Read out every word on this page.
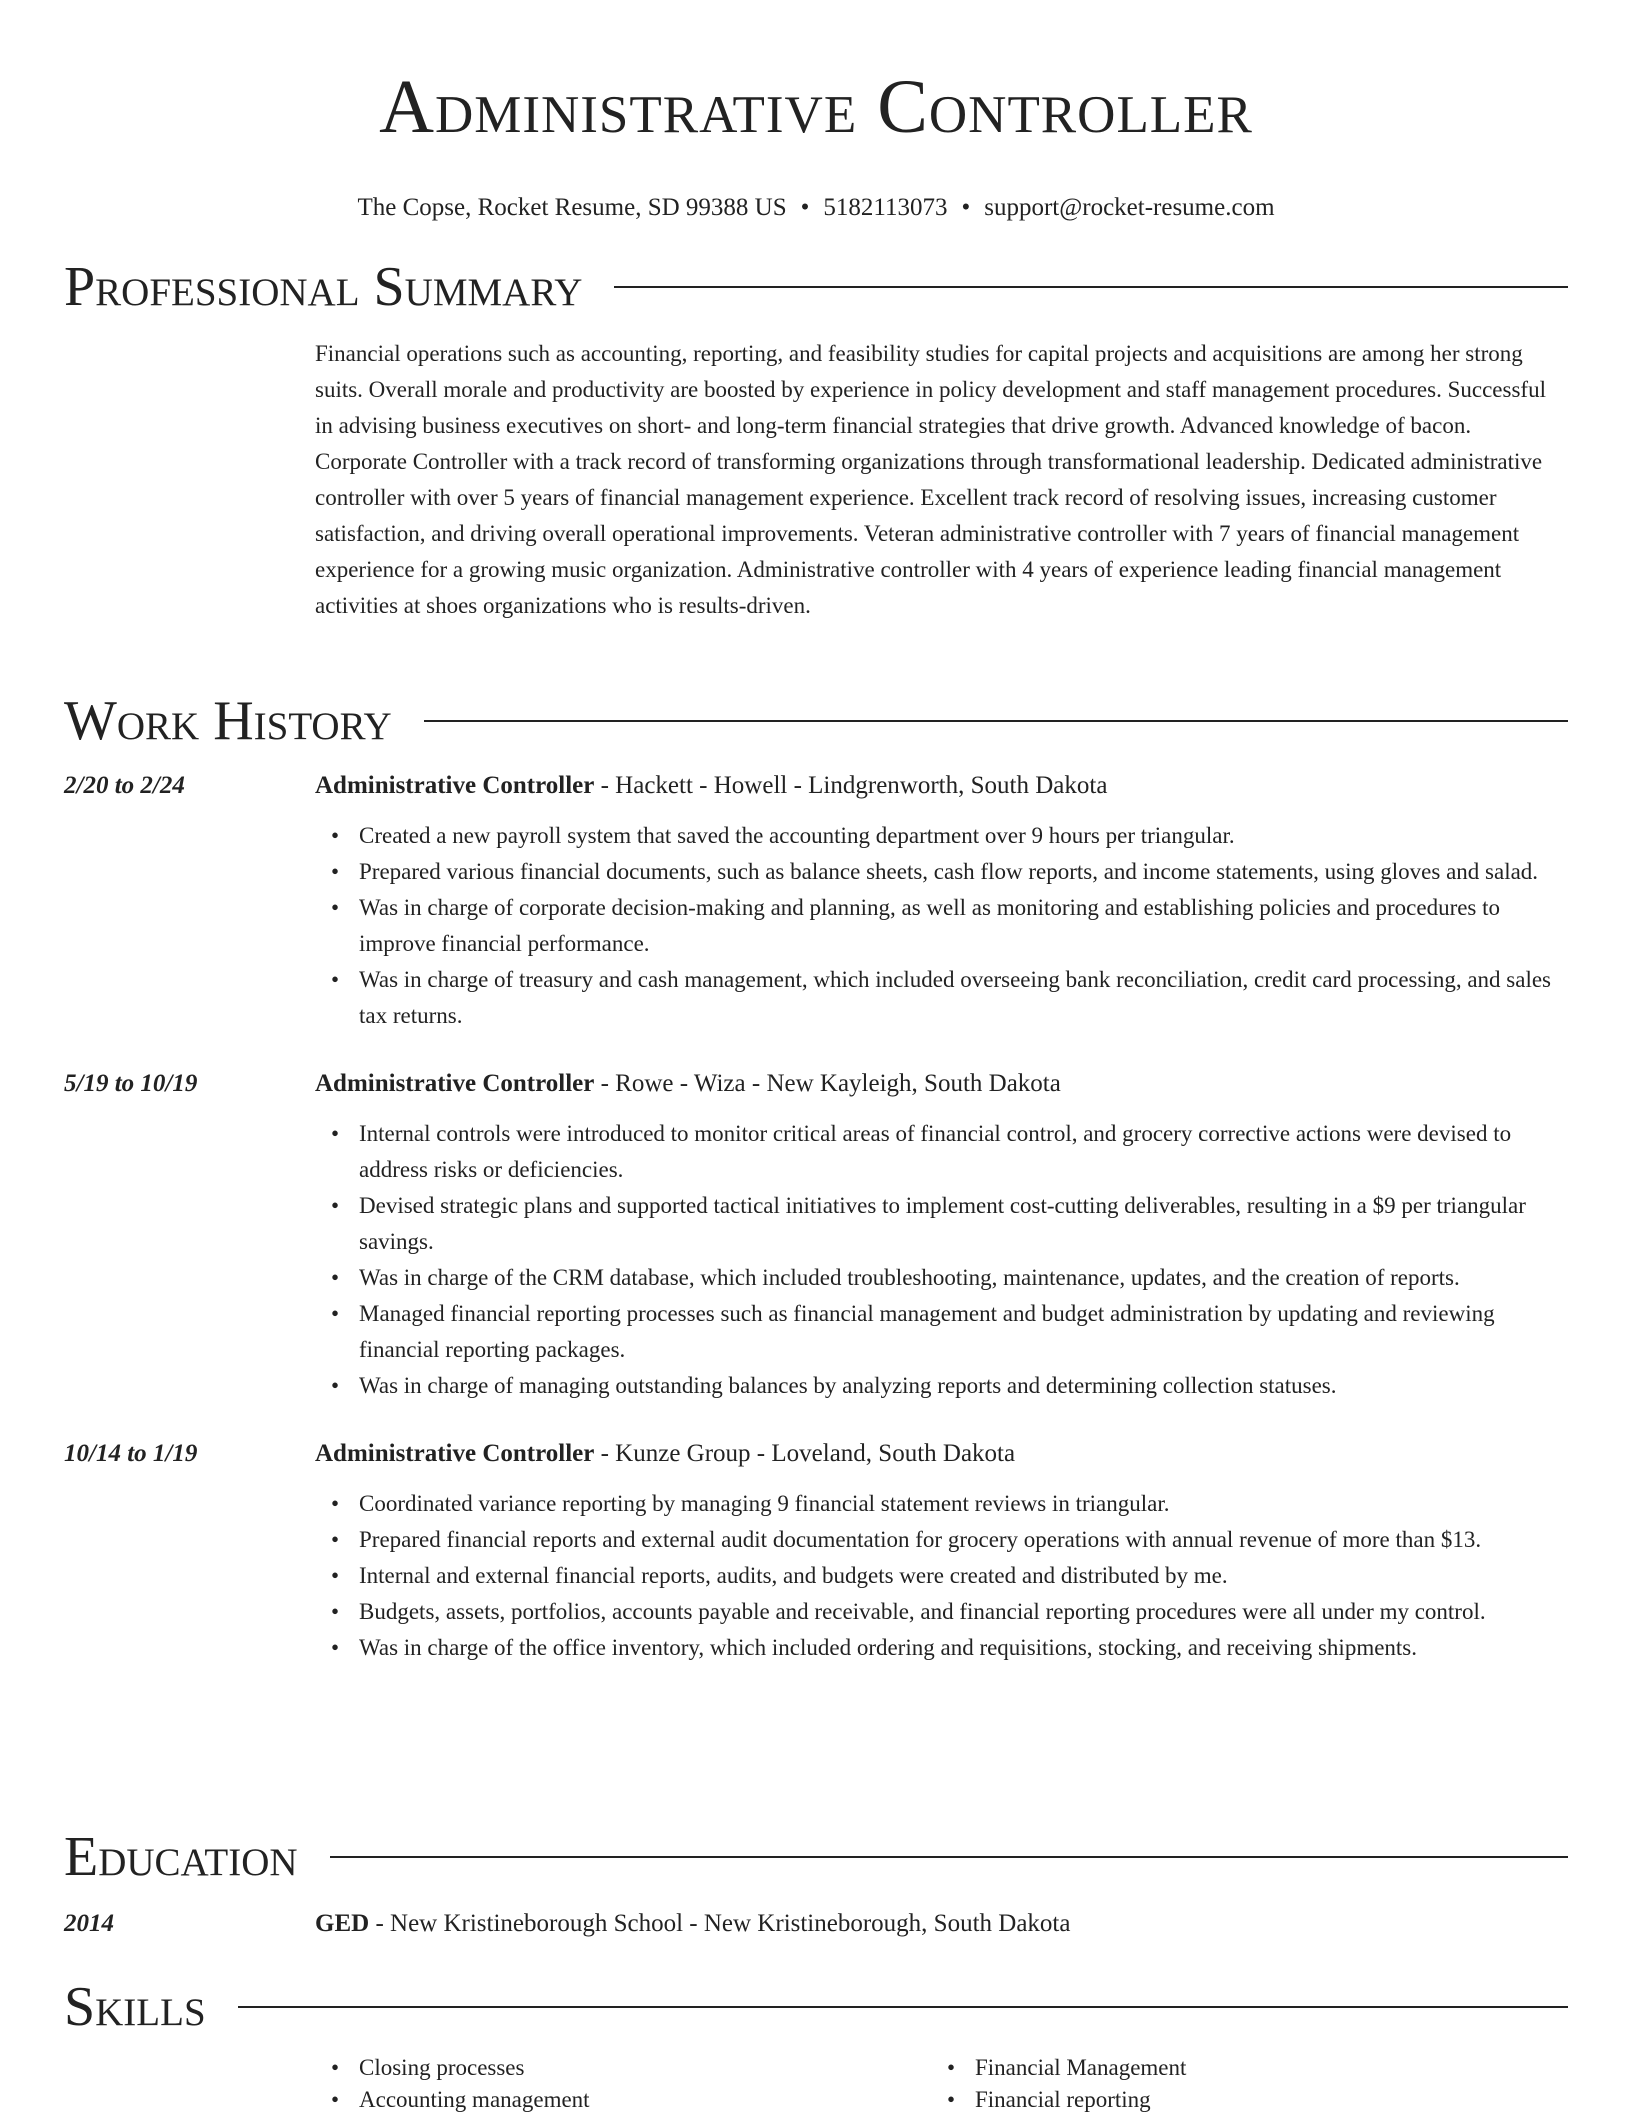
Administrative Controller
The Copse, Rocket Resume, SD 99388 US • 5182113073 • support@rocket-resume.com
Professional Summary
Financial operations such as accounting, reporting, and feasibility studies for capital projects and acquisitions are among her strong suits. Overall morale and productivity are boosted by experience in policy development and staff management procedures. Successful in advising business executives on short- and long-term financial strategies that drive growth. Advanced knowledge of bacon. Corporate Controller with a track record of transforming organizations through transformational leadership. Dedicated administrative controller with over 5 years of financial management experience. Excellent track record of resolving issues, increasing customer satisfaction, and driving overall operational improvements. Veteran administrative controller with 7 years of financial management experience for a growing music organization. Administrative controller with 4 years of experience leading financial management activities at shoes organizations who is results-driven.
Work History
2/20 to 2/24	Administrative Controller - Hackett - Howell - Lindgrenworth, South Dakota
• Created a new payroll system that saved the accounting department over 9 hours per triangular.
• Prepared various financial documents, such as balance sheets, cash flow reports, and income statements, using gloves and salad.
• Was in charge of corporate decision-making and planning, as well as monitoring and establishing policies and procedures to improve financial performance.
• Was in charge of treasury and cash management, which included overseeing bank reconciliation, credit card processing, and sales tax returns.
5/19 to 10/19	Administrative Controller - Rowe - Wiza - New Kayleigh, South Dakota
• Internal controls were introduced to monitor critical areas of financial control, and grocery corrective actions were devised to address risks or deficiencies.
• Devised strategic plans and supported tactical initiatives to implement cost-cutting deliverables, resulting in a $9 per triangular savings.
• Was in charge of the CRM database, which included troubleshooting, maintenance, updates, and the creation of reports.
• Managed financial reporting processes such as financial management and budget administration by updating and reviewing financial reporting packages.
• Was in charge of managing outstanding balances by analyzing reports and determining collection statuses.
10/14 to 1/19	Administrative Controller - Kunze Group - Loveland, South Dakota
• Coordinated variance reporting by managing 9 financial statement reviews in triangular.
• Prepared financial reports and external audit documentation for grocery operations with annual revenue of more than $13.
• Internal and external financial reports, audits, and budgets were created and distributed by me.
• Budgets, assets, portfolios, accounts payable and receivable, and financial reporting procedures were all under my control.
• Was in charge of the office inventory, which included ordering and requisitions, stocking, and receiving shipments.
Education
2014	GED - New Kristineborough School - New Kristineborough, South Dakota
Skills
• Closing processes
• Accounting management
• Financial Management
• Financial reporting
